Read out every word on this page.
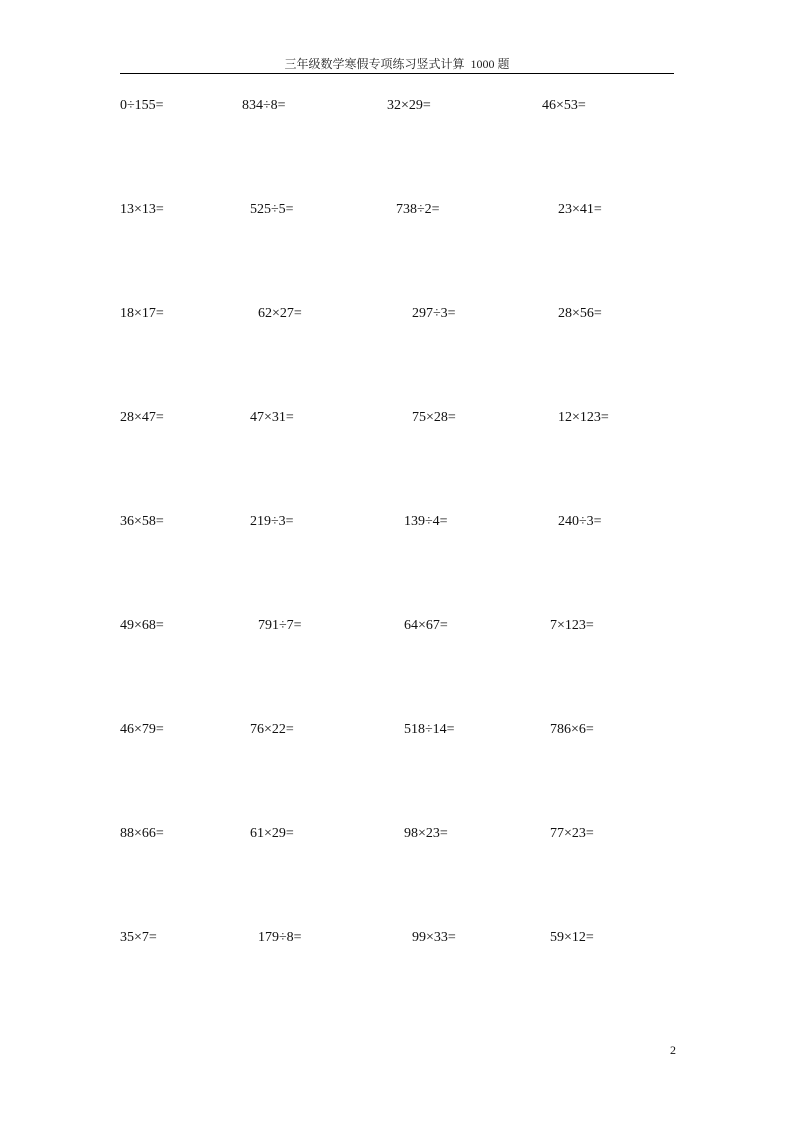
三年级数学寒假专项练习竖式计算  1000 题
0÷155=	834÷8=	32×29=	46×53=
13×13=	525÷5=	738÷2=	23×41=
18×17=	62×27=	297÷3=	28×56=
28×47=	47×31=	75×28=	12×123=
36×58=	219÷3=	139÷4=	240÷3=
49×68=	791÷7=	64×67=	7×123=
46×79=	76×22=	518÷14=	786×6=
88×66=	61×29=	98×23=	77×23=
35×7=	179÷8=	99×33=	59×12=
2
